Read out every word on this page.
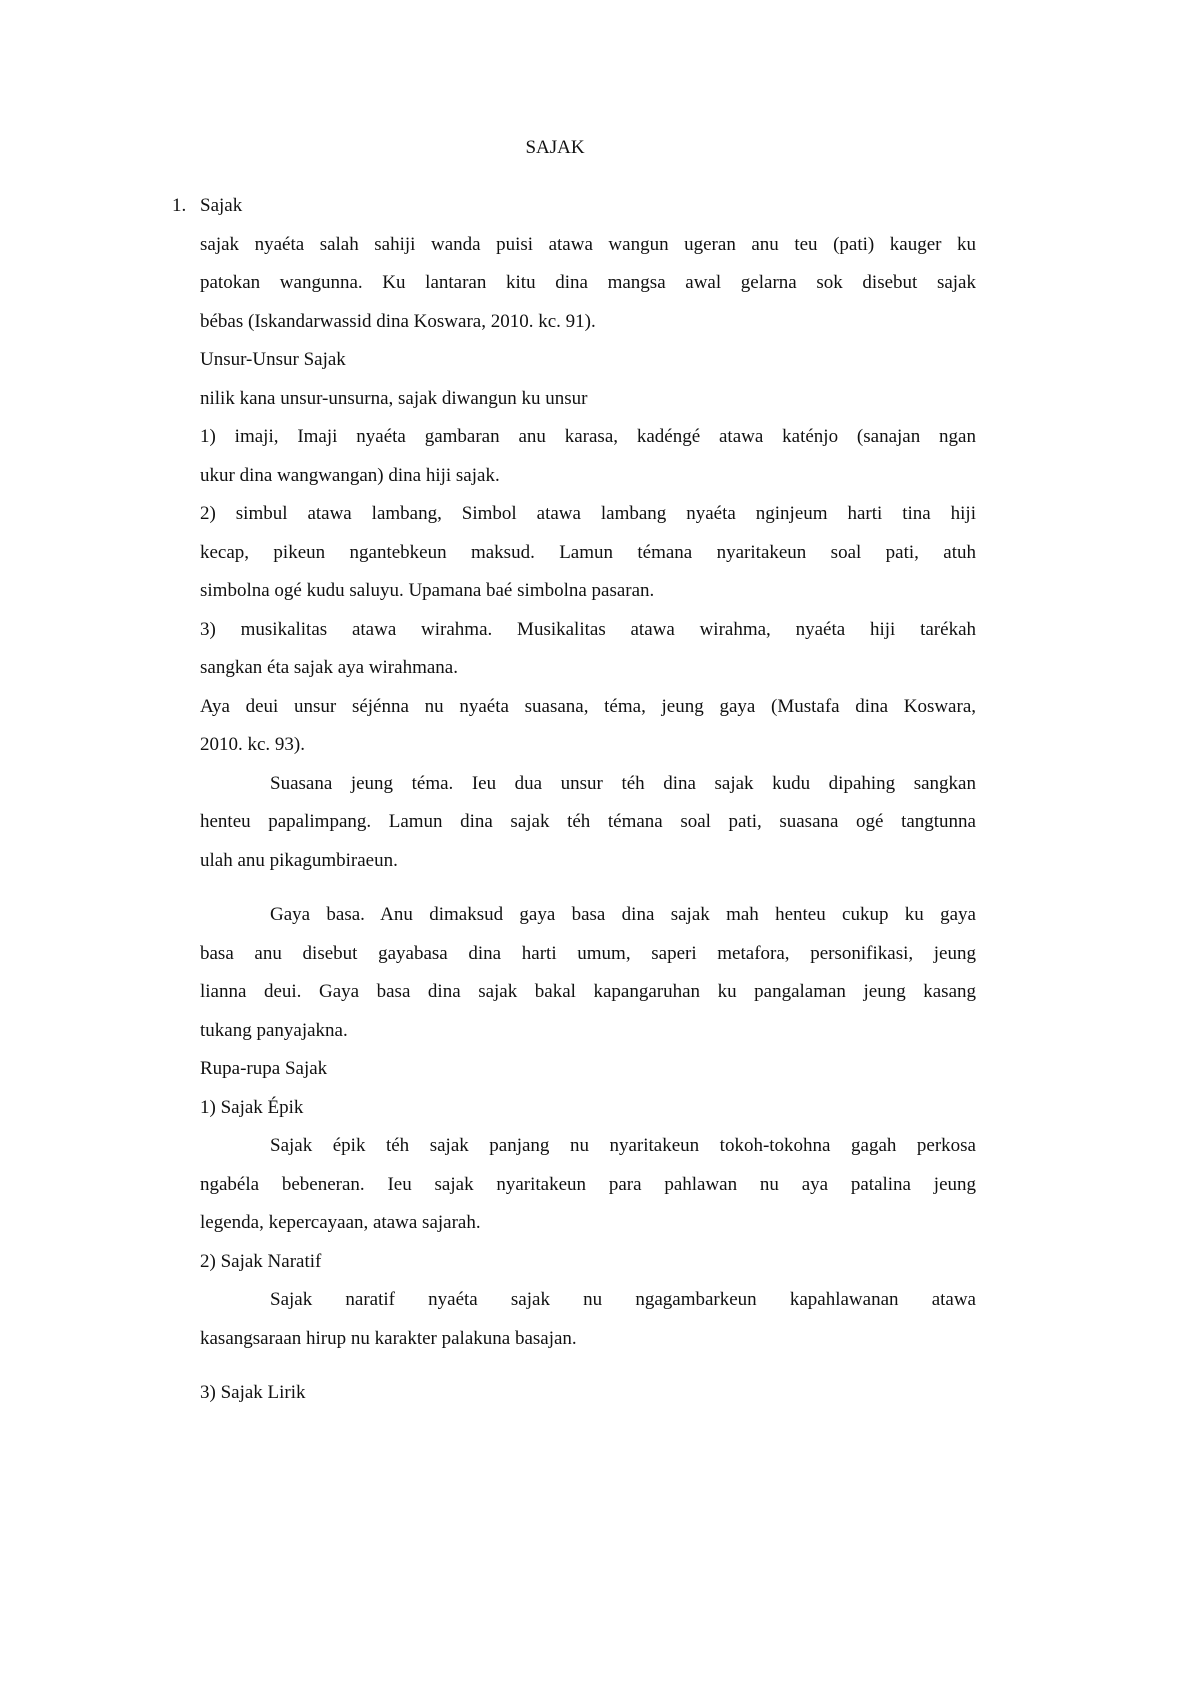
SAJAK
1. Sajak
sajak nyaéta salah sahiji wanda puisi atawa wangun ugeran anu teu (pati) kauger ku
patokan wangunna. Ku lantaran kitu dina mangsa awal gelarna sok disebut sajak
bébas (Iskandarwassid dina Koswara, 2010. kc. 91).
Unsur-Unsur Sajak
nilik kana unsur-unsurna, sajak diwangun ku unsur
1) imaji, Imaji nyaéta gambaran anu karasa, kadéngé atawa katénjo (sanajan ngan
ukur dina wangwangan) dina hiji sajak.
2) simbul atawa lambang, Simbol atawa lambang nyaéta nginjeum harti tina hiji
kecap, pikeun ngantebkeun maksud. Lamun témana nyaritakeun soal pati, atuh
simbolna ogé kudu saluyu. Upamana baé simbolna pasaran.
3) musikalitas atawa wirahma. Musikalitas atawa wirahma, nyaéta hiji tarékah
sangkan éta sajak aya wirahmana.
Aya deui unsur séjénna nu nyaéta suasana, téma, jeung gaya (Mustafa dina Koswara,
2010. kc. 93).
Suasana jeung téma. Ieu dua unsur téh dina sajak kudu dipahing sangkan
henteu papalimpang. Lamun dina sajak téh témana soal pati, suasana ogé tangtunna
ulah anu pikagumbiraeun.
Gaya basa. Anu dimaksud gaya basa dina sajak mah henteu cukup ku gaya
basa anu disebut gayabasa dina harti umum, saperi metafora, personifikasi, jeung
lianna deui. Gaya basa dina sajak bakal kapangaruhan ku pangalaman jeung kasang
tukang panyajakna.
Rupa-rupa Sajak
1) Sajak Épik
Sajak épik téh sajak panjang nu nyaritakeun tokoh-tokohna gagah perkosa
ngabéla bebeneran. Ieu sajak nyaritakeun para pahlawan nu aya patalina jeung
legenda, kepercayaan, atawa sajarah.
2) Sajak Naratif
Sajak naratif nyaéta sajak nu ngagambarkeun kapahlawanan atawa
kasangsaraan hirup nu karakter palakuna basajan.
3) Sajak Lirik
